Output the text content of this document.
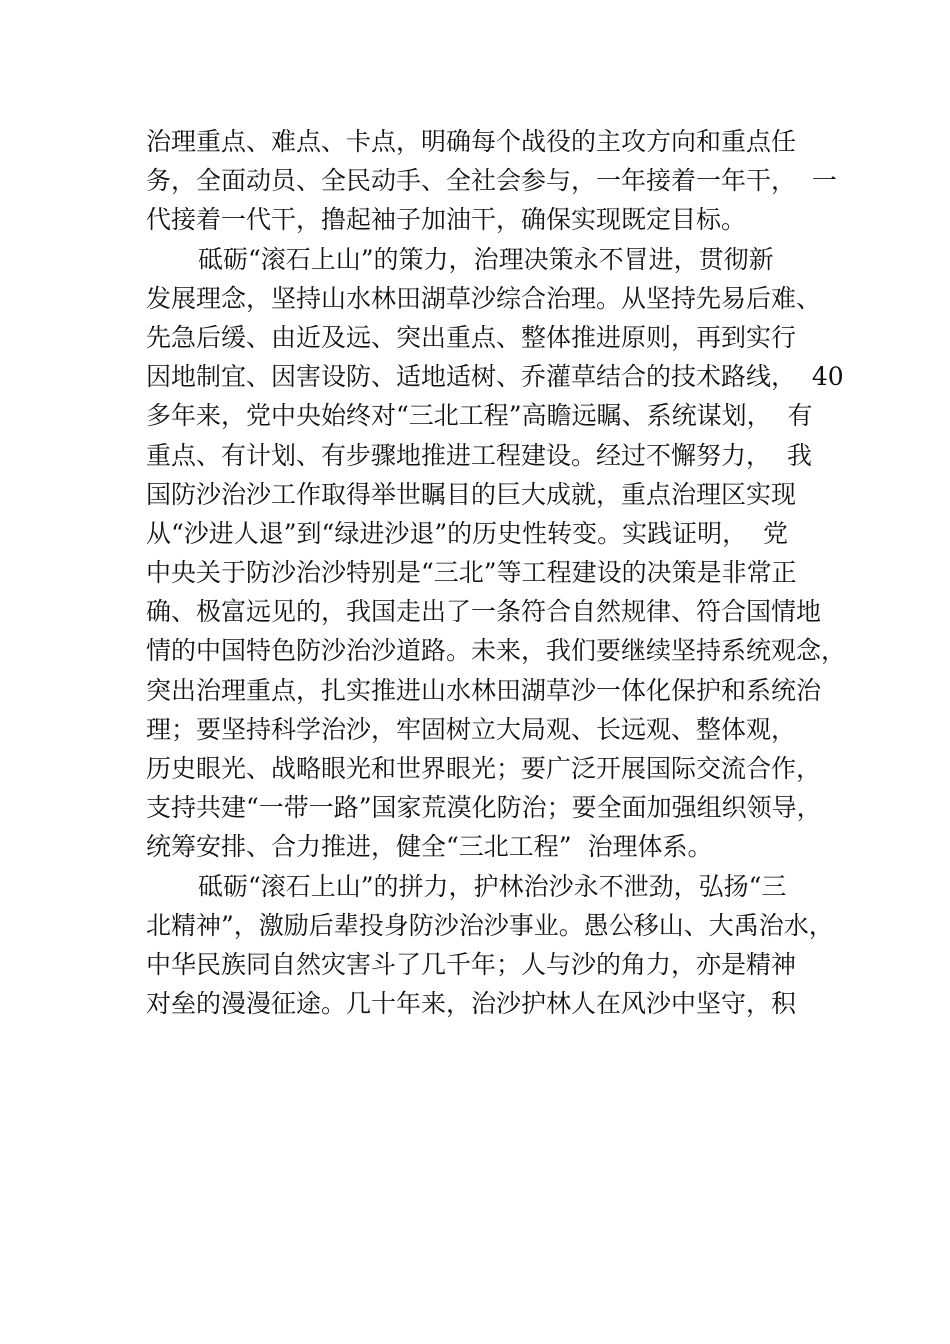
治理重点、难点、卡点，明确每个战役的主攻方向和重点任
务，全面动员、全民动手、全社会参与，一年接着一年干，  一
代接着一代干，撸起袖子加油干，确保实现既定目标。
砥砺“滚石上山”的策力，治理决策永不冒进，贯彻新
发展理念，坚持山水林田湖草沙综合治理。从坚持先易后难、
先急后缓、由近及远、突出重点、整体推进原则，再到实行
因地制宜、因害设防、适地适树、乔灌草结合的技术路线，  40
多年来，党中央始终对“三北工程”高瞻远瞩、系统谋划，  有
重点、有计划、有步骤地推进工程建设。经过不懈努力，  我
国防沙治沙工作取得举世瞩目的巨大成就，重点治理区实现
从“沙进人退”到“绿进沙退”的历史性转变。实践证明，  党
中央关于防沙治沙特别是“三北”等工程建设的决策是非常正
确、极富远见的，我国走出了一条符合自然规律、符合国情地
情的中国特色防沙治沙道路。未来，我们要继续坚持系统观念，
突出治理重点，扎实推进山水林田湖草沙一体化保护和系统治
理；要坚持科学治沙，牢固树立大局观、长远观、整体观，
历史眼光、战略眼光和世界眼光；要广泛开展国际交流合作，
支持共建“一带一路”国家荒漠化防治；要全面加强组织领导，
统筹安排、合力推进，健全“三北工程”  治理体系。
砥砺“滚石上山”的拼力，护林治沙永不泄劲，弘扬“三
北精神”，激励后辈投身防沙治沙事业。愚公移山、大禹治水，
中华民族同自然灾害斗了几千年；人与沙的角力，亦是精神
对垒的漫漫征途。几十年来，治沙护林人在风沙中坚守，积
